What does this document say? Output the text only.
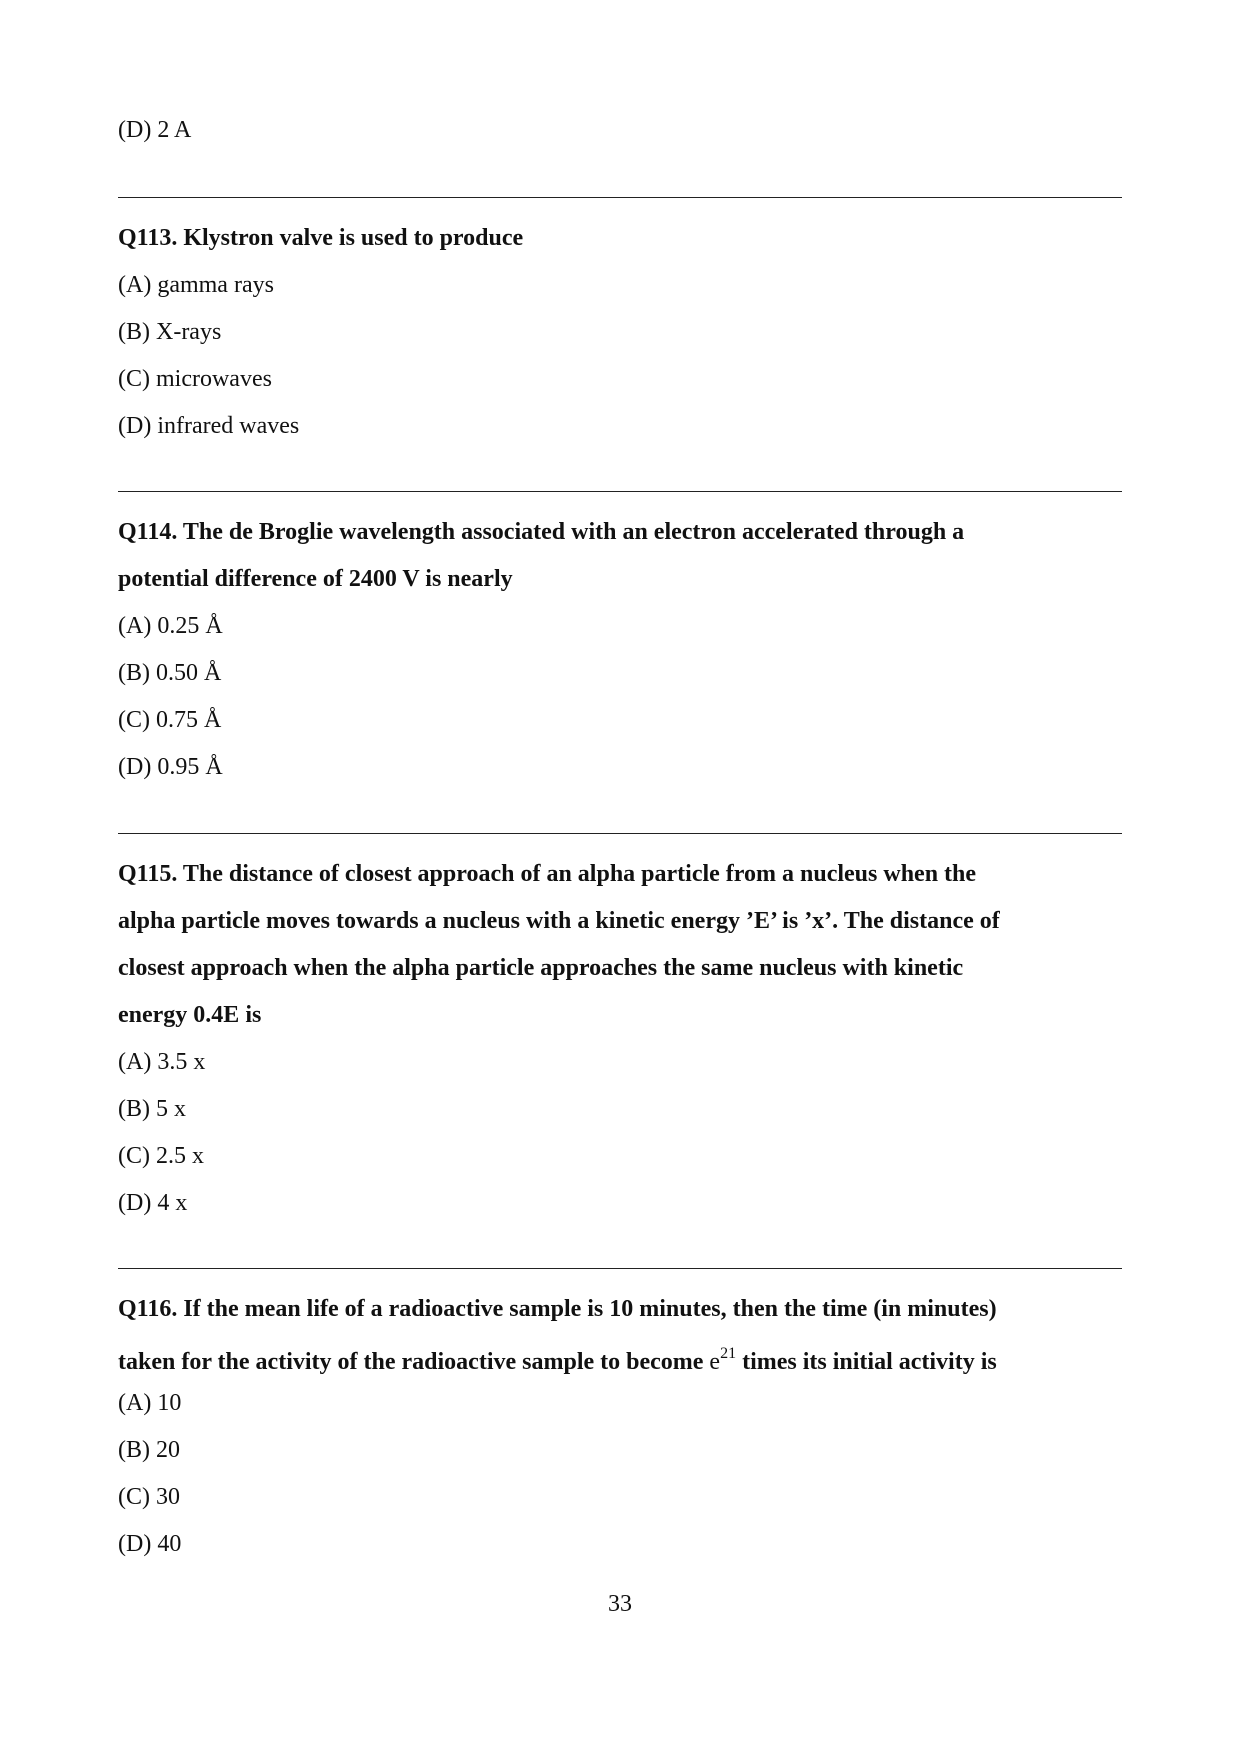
(D) 2 A
Q113. Klystron valve is used to produce
(A) gamma rays
(B) X-rays
(C) microwaves
(D) infrared waves
Q114. The de Broglie wavelength associated with an electron accelerated through a
potential difference of 2400 V is nearly
(A) 0.25 Å
(B) 0.50 Å
(C) 0.75 Å
(D) 0.95 Å
Q115. The distance of closest approach of an alpha particle from a nucleus when the
alpha particle moves towards a nucleus with a kinetic energy ’E’ is ’x’. The distance of
closest approach when the alpha particle approaches the same nucleus with kinetic
energy 0.4E is
(A) 3.5 x
(B) 5 x
(C) 2.5 x
(D) 4 x
Q116. If the mean life of a radioactive sample is 10 minutes, then the time (in minutes)
taken for the activity of the radioactive sample to become $e^{21}$ times its initial activity is
(A) 10
(B) 20
(C) 30
(D) 40
33
